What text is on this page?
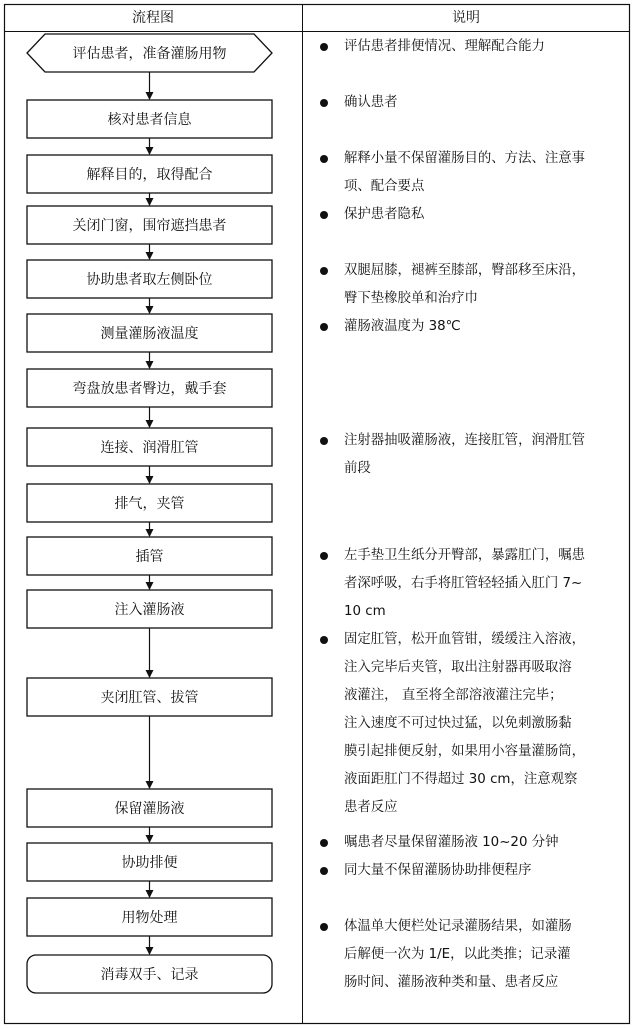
评估患者，准备灌肠用物
核对患者信息
解释目的，取得配合
关闭门窗，围帘遮挡患者
协助患者取左侧卧位
测量灌肠液温度
弯盘放患者臀边，戴手套
连接、润滑肛管
排气，夹管
插管
注入灌肠液
夹闭肛管、拔管
保留灌肠液
协助排便
用物处理
消毒双手、记录
流程图	说明
评估患者排便情况、理解配合能力
确认患者
解释小量不保留灌肠目的、方法、注意事
项、配合要点
保护患者隐私
双腿屈膝，褪裤至膝部，臀部移至床沿，
臀下垫橡胶单和治疗巾
灌肠液温度为 38℃
注射器抽吸灌肠液，连接肛管，润滑肛管
前段
左手垫卫生纸分开臀部，暴露肛门，嘱患
者深呼吸，右手将肛管轻轻插入肛门 7~
10 cm
固定肛管，松开血管钳，缓缓注入溶液，
注入完毕后夹管，取出注射器再吸取溶
液灌注， 直至将全部溶液灌注完毕；
注入速度不可过快过猛，以免刺激肠黏
膜引起排便反射，如果用小容量灌肠筒，
液面距肛门不得超过 30 cm，注意观察
患者反应
嘱患者尽量保留灌肠液 10~20 分钟
同大量不保留灌肠协助排便程序
体温单大便栏处记录灌肠结果，如灌肠
后解便一次为 1/E，以此类推；记录灌
肠时间、灌肠液种类和量、患者反应
